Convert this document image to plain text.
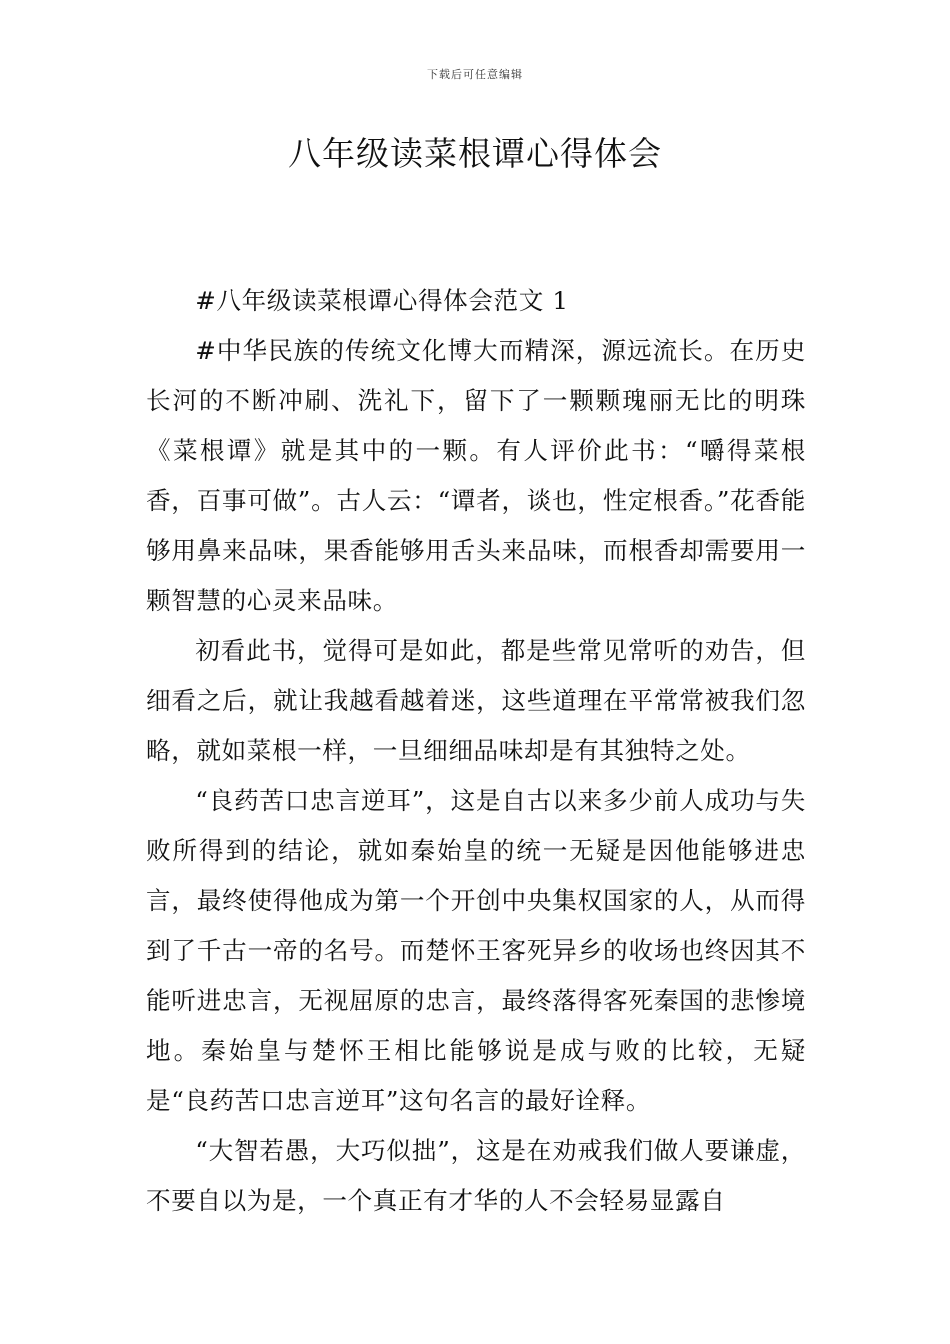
下载后可任意编辑
八年级读菜根谭心得体会

#八年级读菜根谭心得体会范文 1

#中华民族的传统文化博大而精深，源远流长。在历史长河的不断冲刷、洗礼下，留下了一颗颗瑰丽无比的明珠《菜根谭》就是其中的一颗。有人评价此书：“嚼得菜根香，百事可做”。古人云：“谭者，谈也，性定根香。”花香能够用鼻来品味，果香能够用舌头来品味，而根香却需要用一颗智慧的心灵来品味。

初看此书，觉得可是如此，都是些常见常听的劝告，但细看之后，就让我越看越着迷，这些道理在平常常被我们忽略，就如菜根一样，一旦细细品味却是有其独特之处。

“良药苦口忠言逆耳”，这是自古以来多少前人成功与失败所得到的结论，就如秦始皇的统一无疑是因他能够进忠言，最终使得他成为第一个开创中央集权国家的人，从而得到了千古一帝的名号。而楚怀王客死异乡的收场也终因其不能听进忠言，无视屈原的忠言，最终落得客死秦国的悲惨境地。秦始皇与楚怀王相比能够说是成与败的比较，无疑是“良药苦口忠言逆耳”这句名言的最好诠释。

“大智若愚，大巧似拙”，这是在劝戒我们做人要谦虚，不要自以为是，一个真正有才华的人不会轻易显露自
